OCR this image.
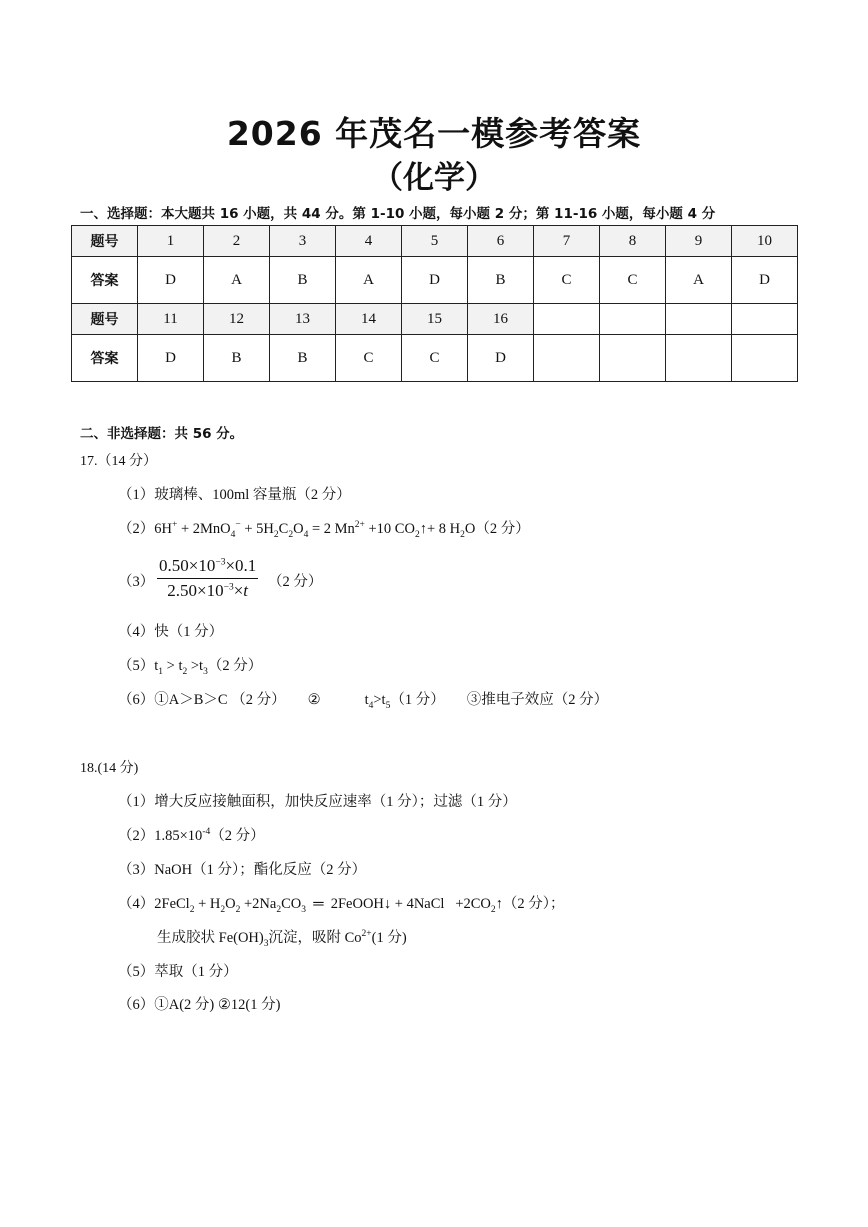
2026 年茂名一模参考答案
（化学）
一、选择题：本大题共 16 小题，共 44 分。第 1-10 小题，每小题 2 分；第 11-16 小题，每小题 4 分
题号	1	2	3	4	5	6	7	8	9	10
答案	D	A	B	A	D	B	C	C	A	D
题号	11	12	13	14	15	16				
答案	D	B	B	C	C	D				
二、非选择题：共 56 分。
17.（14 分）
（1）玻璃棒、100ml 容量瓶（2 分）
$(2)6H^+ + 2MnO_4^- + 5H_2C_2O_4 = 2$ $Mn^{2+} +10$ $CO_2↑+ 8$ $H_2O(2$ 分）
（3）
$0.50\times 10^{-3}\times 0.1$
$2.50\times 10^{-3}\times t$	（2 分）
（4）快（1 分）
$(5)t_1 > t_2 >t_3(2$ 分）
（6）①A＞B＞C （2 分） ②	$t_4>t_5(1$ 分） ③推电子效应（2 分）
18.(14 分)
（1）增大反应接触面积，加快反应速率（1 分）；过滤（1 分）
$(2)1.85\times 10^{-4}(2$ 分）
（3）NaOH（1 分）；酯化反应（2 分）
（4）2FeCl$_2$ + $H_2O_2 +2Na_2CO_3$  ═  2FeOOH↓ + 4NaCl   $+2CO_2↑(2$ 分）；
生成胶状 $Fe(OH)_3$沉淀，吸附 $Co^{2+}(1$ 分)
（5）萃取（1 分）
（6）①A(2 分) ②12(1 分)
